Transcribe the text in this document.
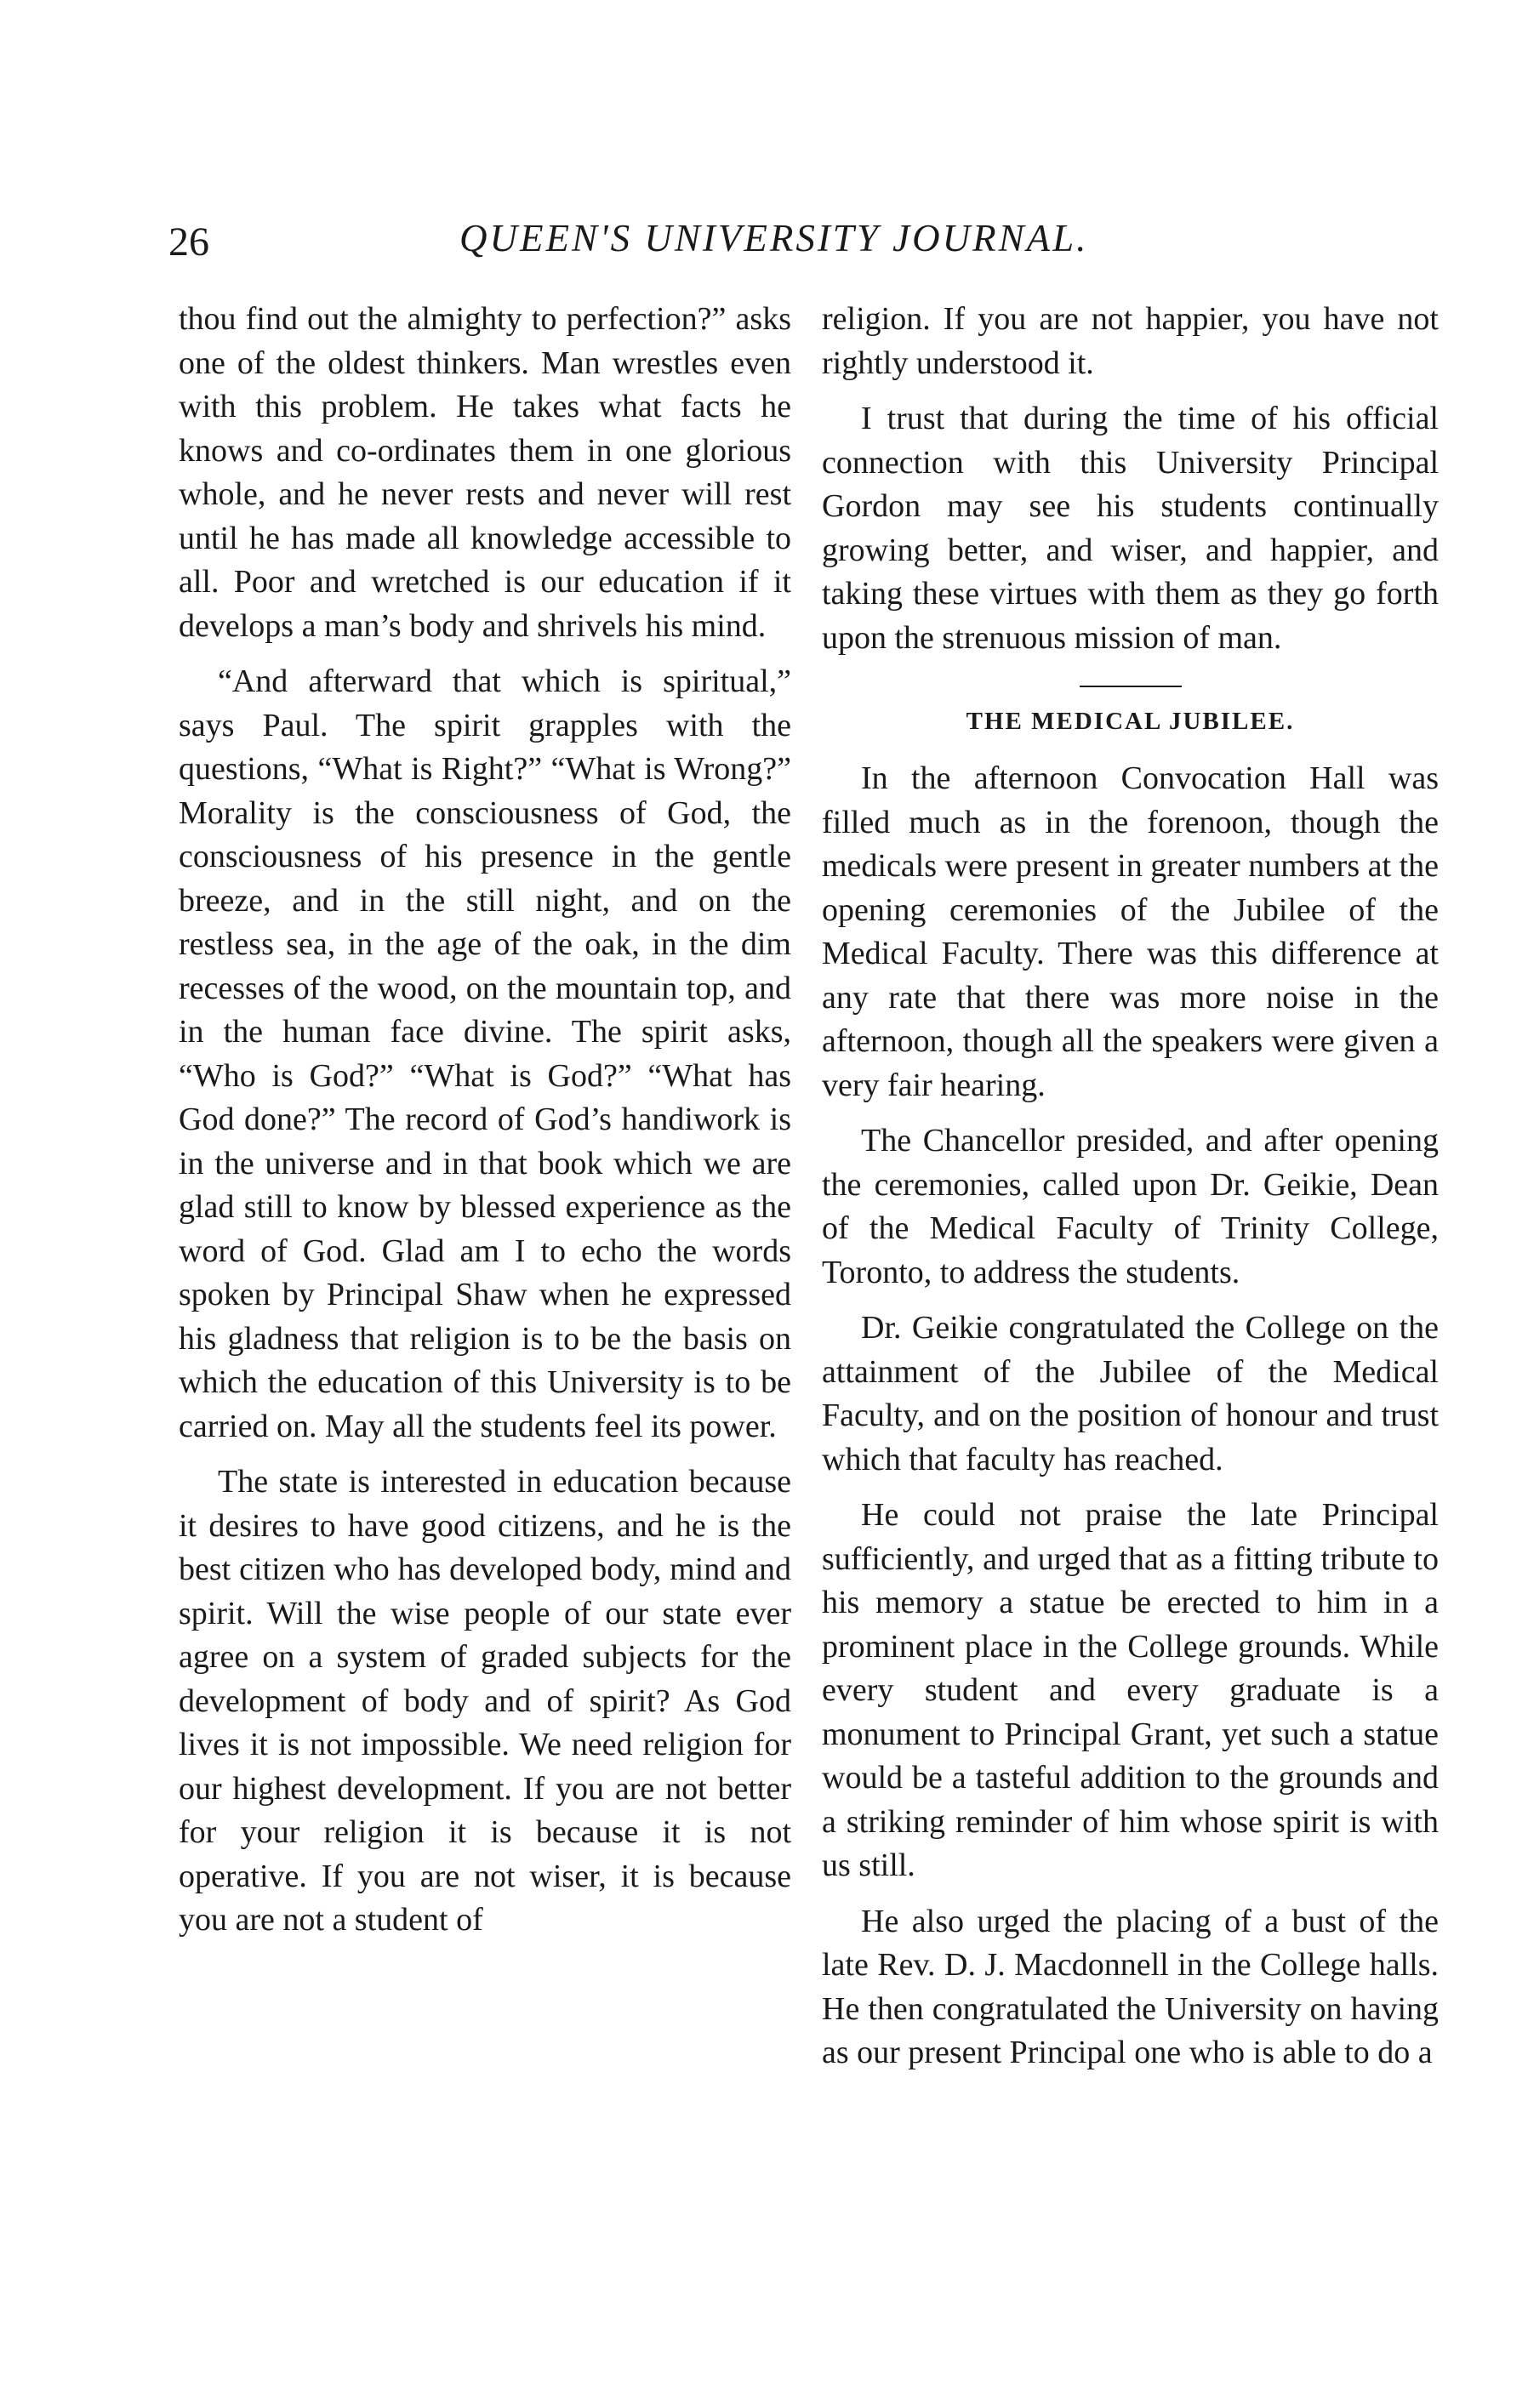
26	QUEEN'S UNIVERSITY JOURNAL.

thou find out the almighty to perfection?” asks one of the oldest thinkers. Man wrestles even with this problem. He takes what facts he knows and co-ordinates them in one glorious whole, and he never rests and never will rest until he has made all knowledge accessible to all. Poor and wretched is our education if it develops a man’s body and shrivels his mind.

“And afterward that which is spiritual,” says Paul. The spirit grapples with the questions, “What is Right?” “What is Wrong?” Morality is the consciousness of God, the consciousness of his presence in the gentle breeze, and in the still night, and on the restless sea, in the age of the oak, in the dim recesses of the wood, on the mountain top, and in the human face divine. The spirit asks, “Who is God?” “What is God?” “What has God done?” The record of God’s handiwork is in the universe and in that book which we are glad still to know by blessed experience as the word of God. Glad am I to echo the words spoken by Principal Shaw when he expressed his gladness that religion is to be the basis on which the education of this University is to be carried on. May all the students feel its power.

The state is interested in education because it desires to have good citizens, and he is the best citizen who has developed body, mind and spirit. Will the wise people of our state ever agree on a system of graded subjects for the development of body and of spirit? As God lives it is not impossible. We need religion for our highest development. If you are not better for your religion it is because it is not operative. If you are not wiser, it is because you are not a student of

religion. If you are not happier, you have not rightly understood it.

I trust that during the time of his official connection with this University Principal Gordon may see his students continually growing better, and wiser, and happier, and taking these virtues with them as they go forth upon the strenuous mission of man.

THE MEDICAL JUBILEE.

In the afternoon Convocation Hall was filled much as in the forenoon, though the medicals were present in greater numbers at the opening ceremonies of the Jubilee of the Medical Faculty. There was this difference at any rate that there was more noise in the afternoon, though all the speakers were given a very fair hearing.

The Chancellor presided, and after opening the ceremonies, called upon Dr. Geikie, Dean of the Medical Faculty of Trinity College, Toronto, to address the students.

Dr. Geikie congratulated the College on the attainment of the Jubilee of the Medical Faculty, and on the position of honour and trust which that faculty has reached.

He could not praise the late Principal sufficiently, and urged that as a fitting tribute to his memory a statue be erected to him in a prominent place in the College grounds. While every student and every graduate is a monument to Principal Grant, yet such a statue would be a tasteful addition to the grounds and a striking reminder of him whose spirit is with us still.

He also urged the placing of a bust of the late Rev. D. J. Macdonnell in the College halls. He then congratulated the University on having as our present Principal one who is able to do a
